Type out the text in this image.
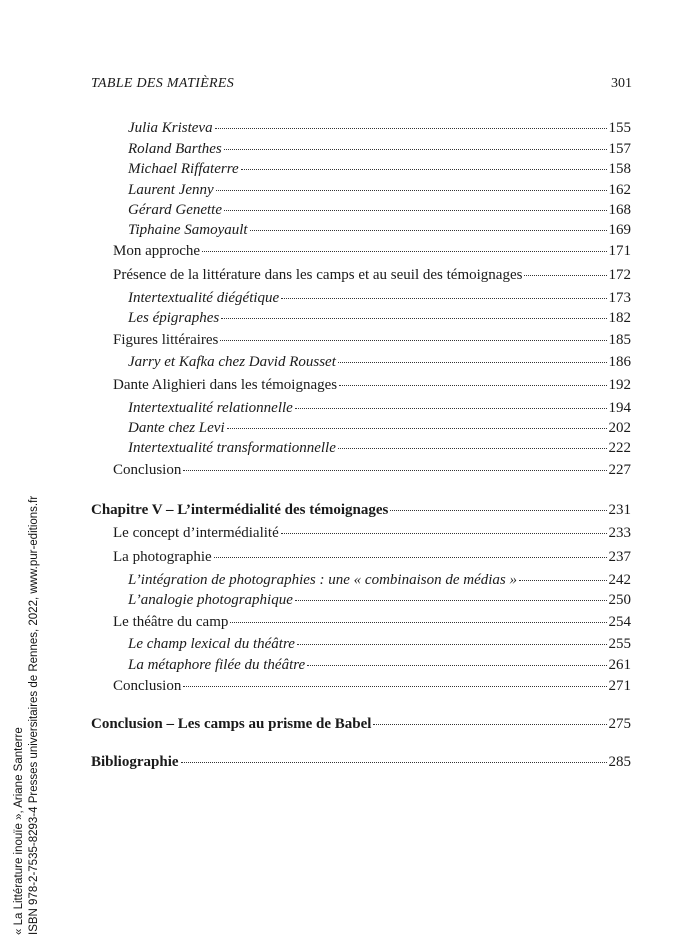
TABLE DES MATIÈRES	301
Julia Kristeva	155
Roland Barthes	157
Michael Riffaterre	158
Laurent Jenny	162
Gérard Genette	168
Tiphaine Samoyault	169
Mon approche	171
Présence de la littérature dans les camps et au seuil des témoignages	172
Intertextualité diégétique	173
Les épigraphes	182
Figures littéraires	185
Jarry et Kafka chez David Rousset	186
Dante Alighieri dans les témoignages	192
Intertextualité relationnelle	194
Dante chez Levi	202
Intertextualité transformationnelle	222
Conclusion	227
Chapitre V – L’intermédialité des témoignages	231
Le concept d’intermédialité	233
La photographie	237
L’intégration de photographies : une « combinaison de médias »	242
L’analogie photographique	250
Le théâtre du camp	254
Le champ lexical du théâtre	255
La métaphore filée du théâtre	261
Conclusion	271
Conclusion – Les camps au prisme de Babel	275
Bibliographie	285
« La Littérature inouïe », Ariane Santerre ISBN 978-2-7535-8293-4 Presses universitaires de Rennes, 2022, www.pur-editions.fr
